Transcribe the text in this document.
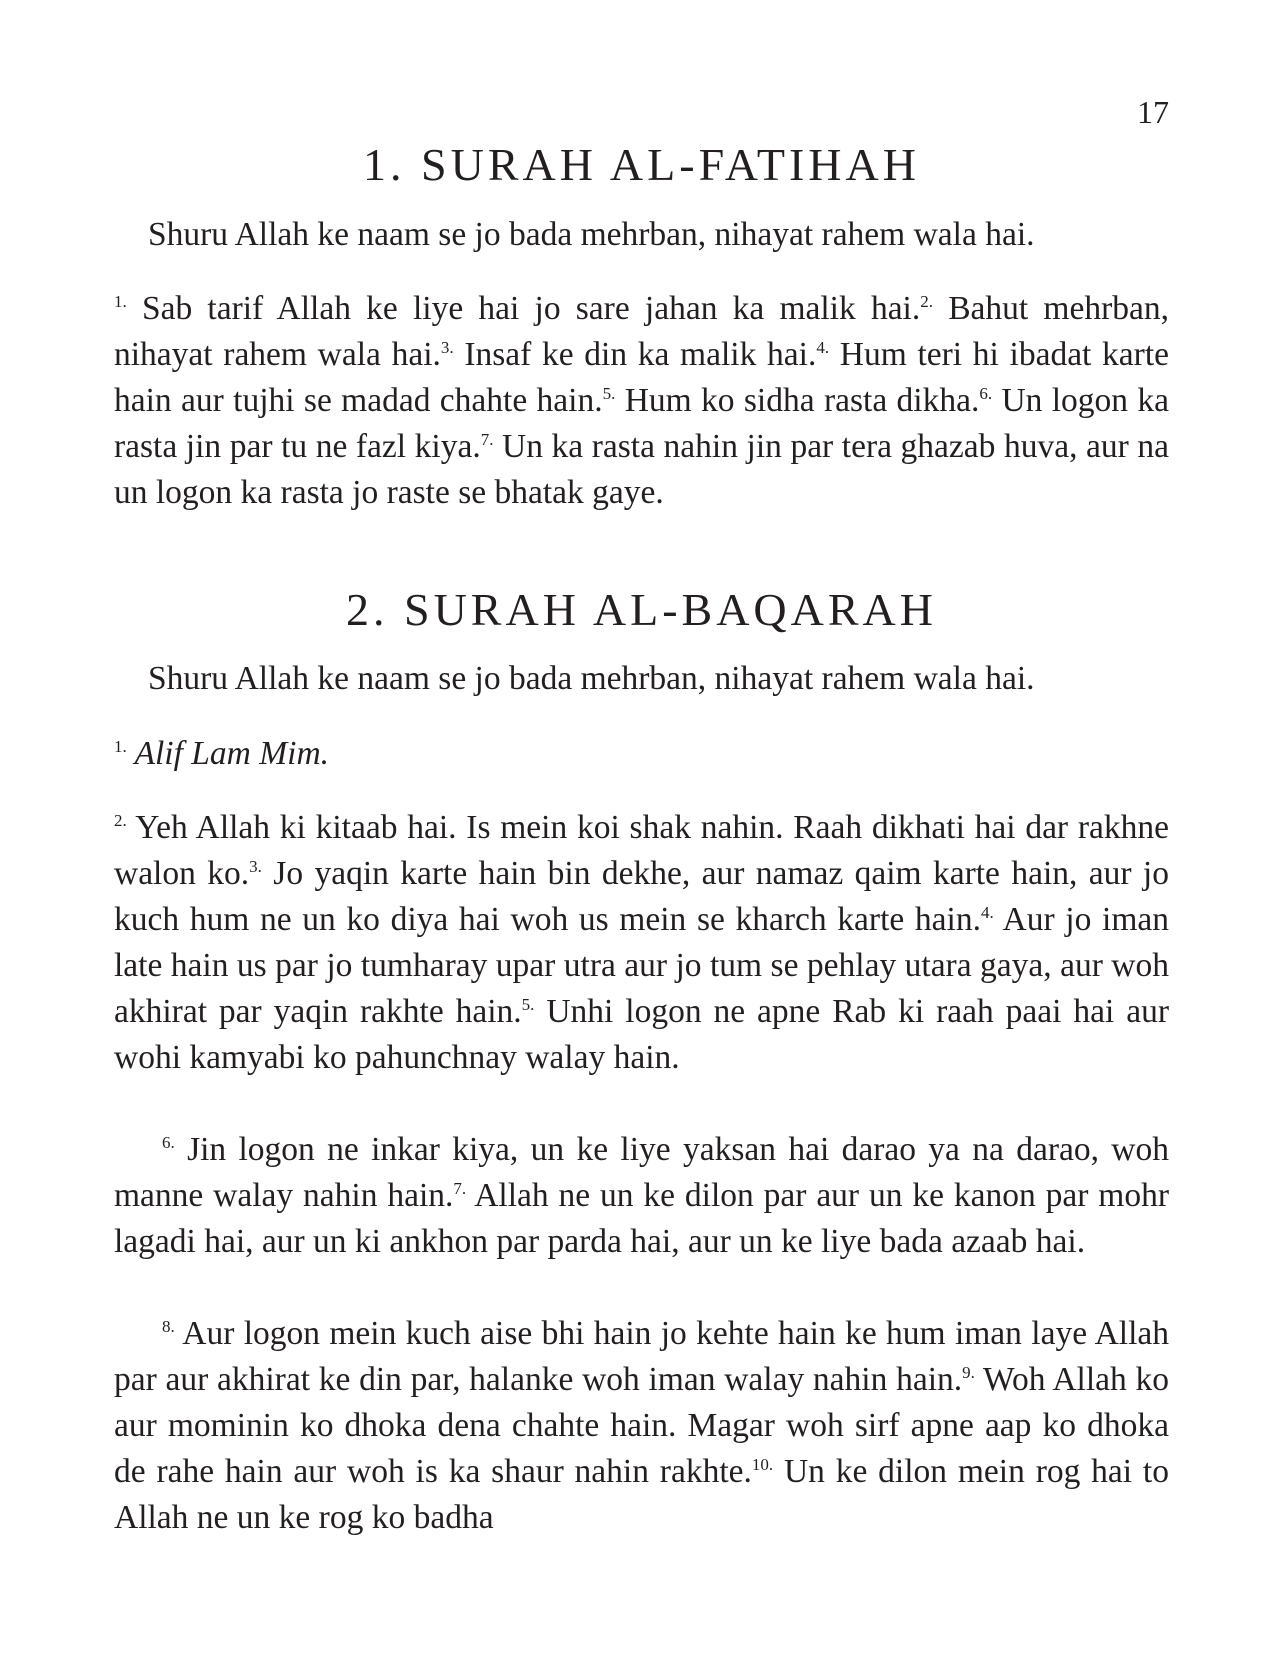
17
1. SURAH AL-FATIHAH
Shuru Allah ke naam se jo bada mehrban, nihayat rahem wala hai.

$^{1.}$ Sab tarif Allah ke liye hai jo sare jahan ka malik hai.$^{2.}$ Bahut mehrban, nihayat rahem wala hai.$^{3.}$ Insaf ke din ka malik hai.$^{4.}$ Hum teri hi ibadat karte hain aur tujhi se madad chahte hain.$^{5.}$ Hum ko sidha rasta dikha.$^{6.}$ Un logon ka rasta jin par tu ne fazl kiya.$^{7.}$ Un ka rasta nahin jin par tera ghazab huva, aur na un logon ka rasta jo raste se bhatak gaye.

2. SURAH AL-BAQARAH
Shuru Allah ke naam se jo bada mehrban, nihayat rahem wala hai.

$^{1.}$ Alif Lam Mim.

$^{2.}$ Yeh Allah ki kitaab hai. Is mein koi shak nahin. Raah dikhati hai dar rakhne walon ko.$^{3.}$ Jo yaqin karte hain bin dekhe, aur namaz qaim karte hain, aur jo kuch hum ne un ko diya hai woh us mein se kharch karte hain.$^{4.}$ Aur jo iman late hain us par jo tumharay upar utra aur jo tum se pehlay utara gaya, aur woh akhirat par yaqin rakhte hain.$^{5.}$ Unhi logon ne apne Rab ki raah paai hai aur wohi kamyabi ko pahunchnay walay hain.

$^{6.}$ Jin logon ne inkar kiya, un ke liye yaksan hai darao ya na darao, woh manne walay nahin hain.$^{7.}$ Allah ne un ke dilon par aur un ke kanon par mohr lagadi hai, aur un ki ankhon par parda hai, aur un ke liye bada azaab hai.

$^{8.}$ Aur logon mein kuch aise bhi hain jo kehte hain ke hum iman laye Allah par aur akhirat ke din par, halanke woh iman walay nahin hain.$^{9.}$ Woh Allah ko aur mominin ko dhoka dena chahte hain. Magar woh sirf apne aap ko dhoka de rahe hain aur woh is ka shaur nahin rakhte.$^{10.}$ Un ke dilon mein rog hai to Allah ne un ke rog ko badha
